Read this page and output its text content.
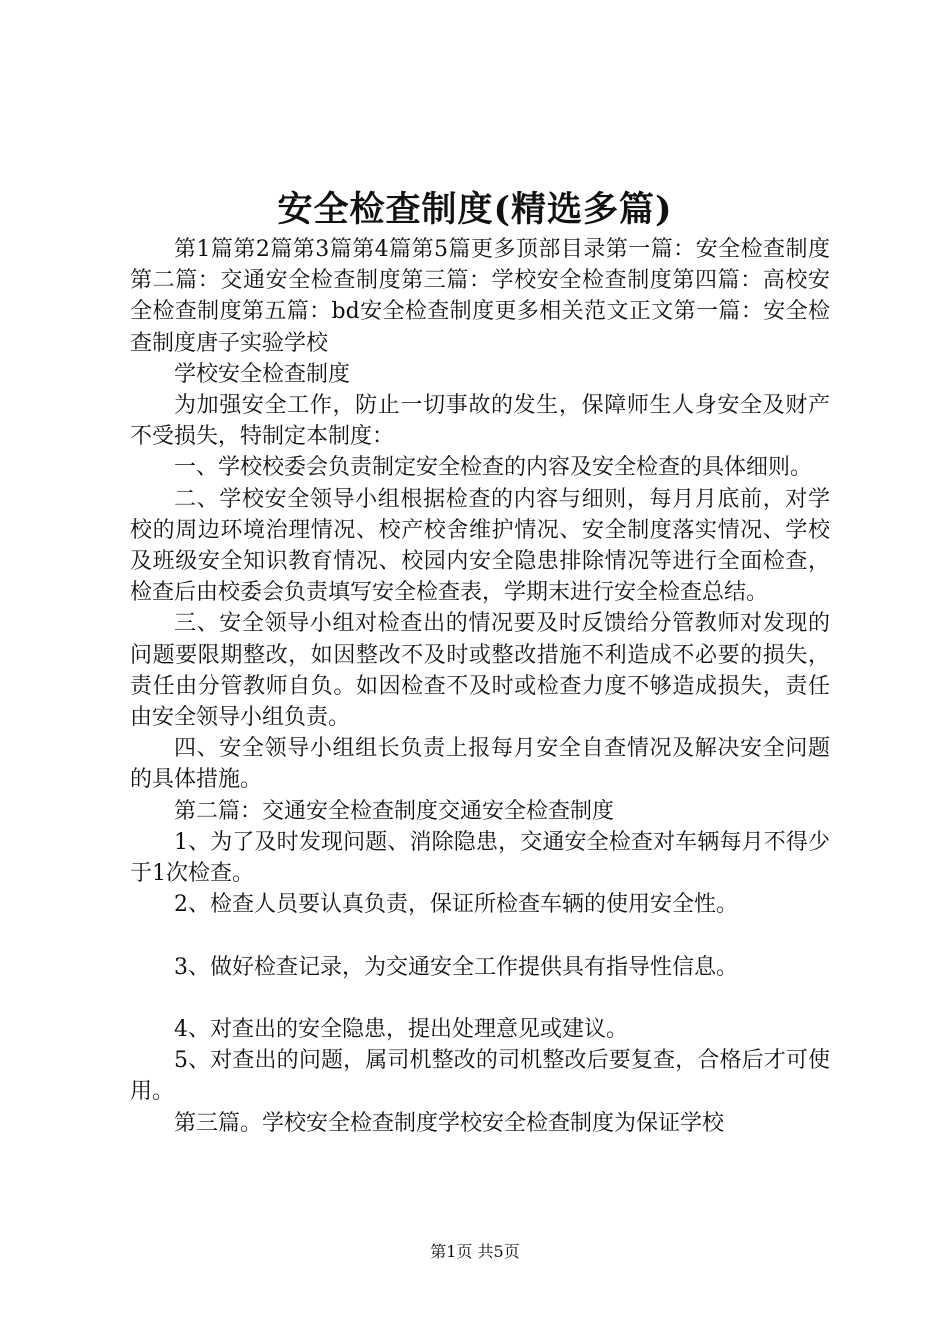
安全检查制度(精选多篇)

第1篇第2篇第3篇第4篇第5篇更多顶部目录第一篇：安全检查制度第二篇：交通安全检查制度第三篇：学校安全检查制度第四篇：高校安全检查制度第五篇：bd安全检查制度更多相关范文正文第一篇：安全检查制度唐子实验学校

学校安全检查制度

为加强安全工作，防止一切事故的发生，保障师生人身安全及财产不受损失，特制定本制度：

一、学校校委会负责制定安全检查的内容及安全检查的具体细则。

二、学校安全领导小组根据检查的内容与细则，每月月底前，对学校的周边环境治理情况、校产校舍维护情况、安全制度落实情况、学校及班级安全知识教育情况、校园内安全隐患排除情况等进行全面检查，检查后由校委会负责填写安全检查表，学期末进行安全检查总结。

三、安全领导小组对检查出的情况要及时反馈给分管教师对发现的问题要限期整改，如因整改不及时或整改措施不利造成不必要的损失，责任由分管教师自负。如因检查不及时或检查力度不够造成损失，责任由安全领导小组负责。

四、安全领导小组组长负责上报每月安全自查情况及解决安全问题的具体措施。

第二篇：交通安全检查制度交通安全检查制度

1、为了及时发现问题、消除隐患，交通安全检查对车辆每月不得少于1次检查。

2、检查人员要认真负责，保证所检查车辆的使用安全性。

3、做好检查记录，为交通安全工作提供具有指导性信息。

4、对查出的安全隐患，提出处理意见或建议。

5、对查出的问题，属司机整改的司机整改后要复查，合格后才可使用。

第三篇。学校安全检查制度学校安全检查制度为保证学校

第1页 共5页
